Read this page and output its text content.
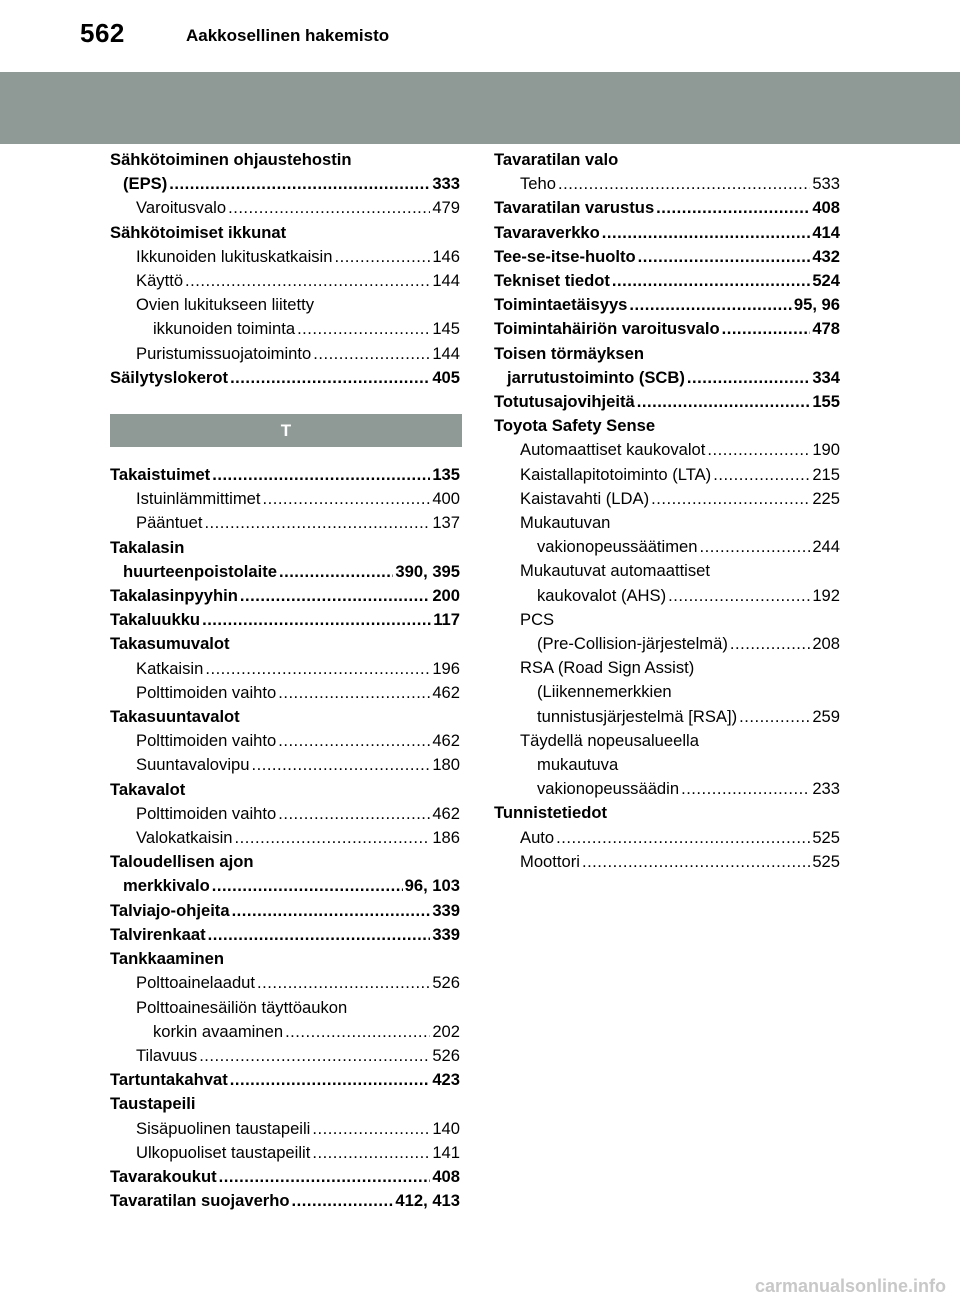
562	Aakkosellinen hakemisto
Sähkötoiminen ohjaustehostin
(EPS) .....	333
Varoitusvalo .....	479
Sähkötoimiset ikkunat
Ikkunoiden lukituskatkaisin .....	146
Käyttö .....	144
Ovien lukitukseen liitetty
ikkunoiden toiminta .....	145
Puristumissuojatoiminto .....	144
Säilytyslokerot .....	405
T
Takaistuimet .....	135
Istuinlämmittimet .....	400
Pääntuet .....	137
Takalasin
huurteenpoistolaite .....	390, 395
Takalasinpyyhin .....	200
Takaluukku .....	117
Takasumuvalot
Katkaisin .....	196
Polttimoiden vaihto .....	462
Takasuuntavalot
Polttimoiden vaihto .....	462
Suuntavalovipu .....	180
Takavalot
Polttimoiden vaihto .....	462
Valokatkaisin .....	186
Taloudellisen ajon
merkkivalo .....	96, 103
Talviajo-ohjeita .....	339
Talvirenkaat .....	339
Tankkaaminen
Polttoainelaadut .....	526
Polttoainesäiliön täyttöaukon
korkin avaaminen .....	202
Tilavuus .....	526
Tartuntakahvat .....	423
Taustapeili
Sisäpuolinen taustapeili .....	140
Ulkopuoliset taustapeilit .....	141
Tavarakoukut .....	408
Tavaratilan suojaverho .....	412, 413
Tavaratilan valo
Teho .....	533
Tavaratilan varustus .....	408
Tavaraverkko .....	414
Tee-se-itse-huolto .....	432
Tekniset tiedot .....	524
Toimintaetäisyys .....	95, 96
Toimintahäiriön varoitusvalo .....	478
Toisen törmäyksen
jarrutustoiminto (SCB) .....	334
Totutusajovihjeitä .....	155
Toyota Safety Sense
Automaattiset kaukovalot .....	190
Kaistallapitotoiminto (LTA) .....	215
Kaistavahti (LDA) .....	225
Mukautuvan
vakionopeussäätimen .....	244
Mukautuvat automaattiset
kaukovalot (AHS) .....	192
PCS
(Pre-Collision-järjestelmä) .....	208
RSA (Road Sign Assist)
(Liikennemerkkien
tunnistusjärjestelmä [RSA]) .....	259
Täydellä nopeusalueella
mukautuva
vakionopeussäädin .....	233
Tunnistetiedot
Auto .....	525
Moottori .....	525
carmanualsonline.info
